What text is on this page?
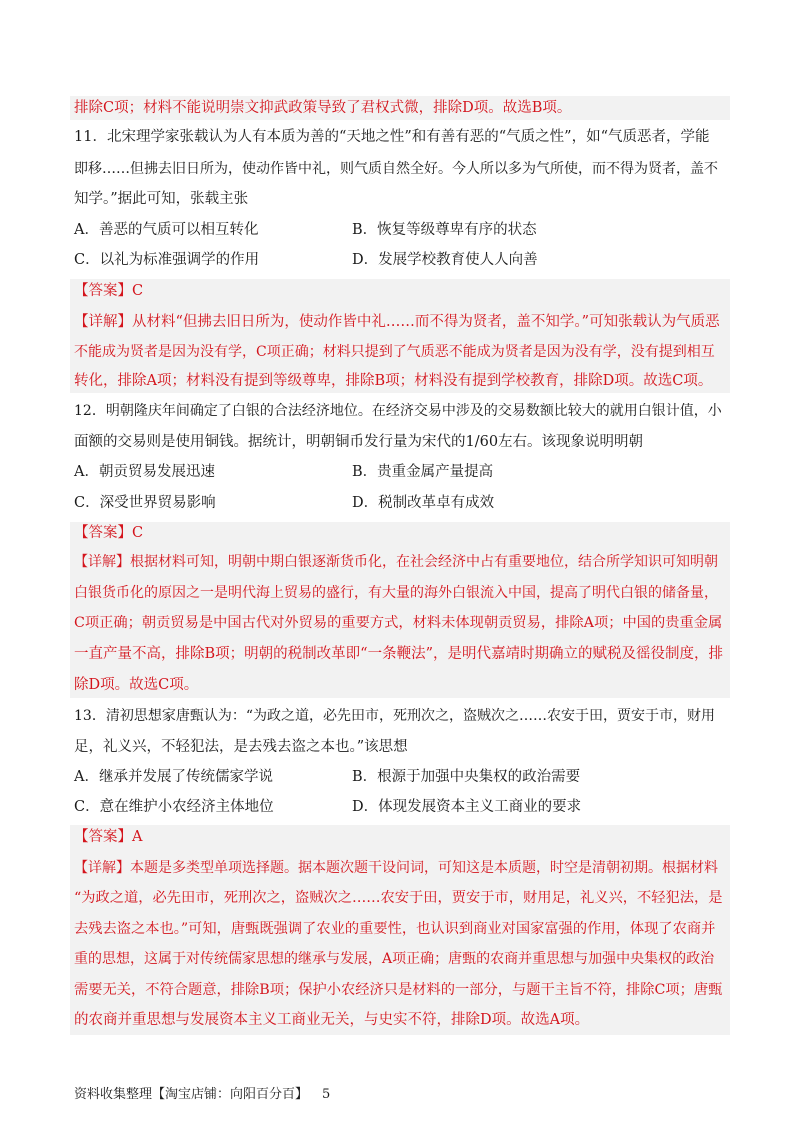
排除C项；材料不能说明崇文抑武政策导致了君权式微，排除D项。故选B项。
11．北宋理学家张载认为人有本质为善的“天地之性”和有善有恶的“气质之性”，如“气质恶者，学能
即移……但拂去旧日所为，使动作皆中礼，则气质自然全好。今人所以多为气所使，而不得为贤者，盖不
知学。”据此可知，张载主张
A．善恶的气质可以相互转化	B．恢复等级尊卑有序的状态
C．以礼为标准强调学的作用	D．发展学校教育使人人向善
【答案】C
【详解】从材料“但拂去旧日所为，使动作皆中礼……而不得为贤者，盖不知学。”可知张载认为气质恶
不能成为贤者是因为没有学，C项正确；材料只提到了气质恶不能成为贤者是因为没有学，没有提到相互
转化，排除A项；材料没有提到等级尊卑，排除B项；材料没有提到学校教育，排除D项。故选C项。
12．明朝隆庆年间确定了白银的合法经济地位。在经济交易中涉及的交易数额比较大的就用白银计值，小
面额的交易则是使用铜钱。据统计，明朝铜币发行量为宋代的1/60左右。该现象说明明朝
A．朝贡贸易发展迅速	B．贵重金属产量提高
C．深受世界贸易影响	D．税制改革卓有成效
【答案】C
【详解】根据材料可知，明朝中期白银逐渐货币化，在社会经济中占有重要地位，结合所学知识可知明朝
白银货币化的原因之一是明代海上贸易的盛行，有大量的海外白银流入中国，提高了明代白银的储备量，
C项正确；朝贡贸易是中国古代对外贸易的重要方式，材料未体现朝贡贸易，排除A项；中国的贵重金属
一直产量不高，排除B项；明朝的税制改革即“一条鞭法”，是明代嘉靖时期确立的赋税及徭役制度，排
除D项。故选C项。
13．清初思想家唐甄认为：“为政之道，必先田市，死刑次之，盗贼次之……农安于田，贾安于市，财用
足，礼义兴，不轻犯法，是去残去盗之本也。”该思想
A．继承并发展了传统儒家学说	B．根源于加强中央集权的政治需要
C．意在维护小农经济主体地位	D．体现发展资本主义工商业的要求
【答案】A
【详解】本题是多类型单项选择题。据本题次题干设问词，可知这是本质题，时空是清朝初期。根据材料
“为政之道，必先田市，死刑次之，盗贼次之……农安于田，贾安于市，财用足，礼义兴，不轻犯法，是
去残去盗之本也。”可知，唐甄既强调了农业的重要性，也认识到商业对国家富强的作用，体现了农商并
重的思想，这属于对传统儒家思想的继承与发展，A项正确；唐甄的农商并重思想与加强中央集权的政治
需要无关，不符合题意，排除B项；保护小农经济只是材料的一部分，与题干主旨不符，排除C项；唐甄
的农商并重思想与发展资本主义工商业无关，与史实不符，排除D项。故选A项。
资料收集整理【淘宝店铺：向阳百分百】 5
